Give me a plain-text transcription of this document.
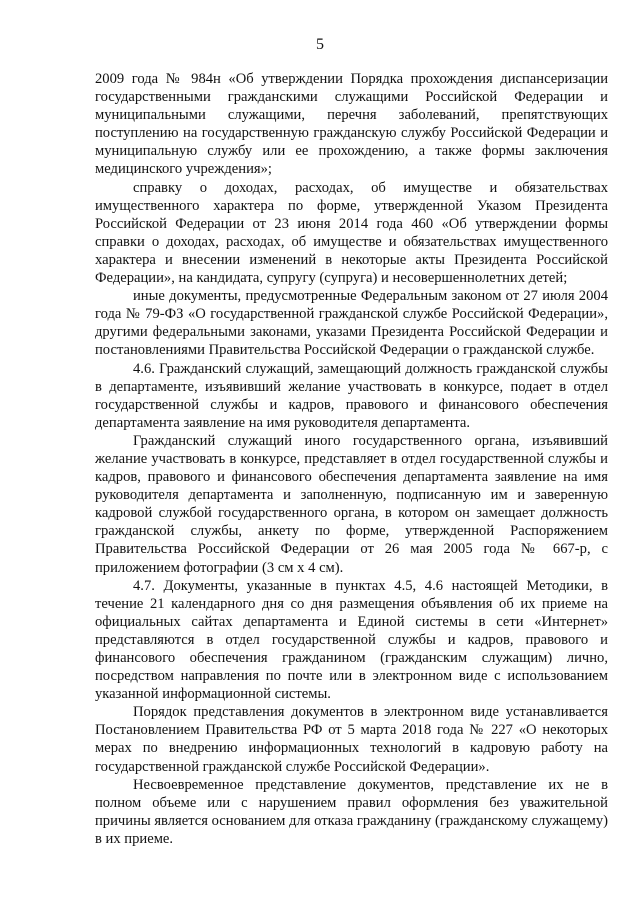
5

2009 года № 984н «Об утверждении Порядка прохождения диспансеризации государственными гражданскими служащими Российской Федерации и муниципальными служащими, перечня заболеваний, препятствующих поступлению на государственную гражданскую службу Российской Федерации и муниципальную службу или ее прохождению, а также формы заключения медицинского учреждения»;

справку о доходах, расходах, об имуществе и обязательствах имущественного характера по форме, утвержденной Указом Президента Российской Федерации от 23 июня 2014 года 460 «Об утверждении формы справки о доходах, расходах, об имуществе и обязательствах имущественного характера и внесении изменений в некоторые акты Президента Российской Федерации», на кандидата, супругу (супруга) и несовершеннолетних детей;

иные документы, предусмотренные Федеральным законом от 27 июля 2004 года № 79-ФЗ «О государственной гражданской службе Российской Федерации», другими федеральными законами, указами Президента Российской Федерации и постановлениями Правительства Российской Федерации о гражданской службе.

4.6. Гражданский служащий, замещающий должность гражданской службы в департаменте, изъявивший желание участвовать в конкурсе, подает в отдел государственной службы и кадров, правового и финансового обеспечения департамента заявление на имя руководителя департамента.

Гражданский служащий иного государственного органа, изъявивший желание участвовать в конкурсе, представляет в отдел государственной службы и кадров, правового и финансового обеспечения департамента заявление на имя руководителя департамента и заполненную, подписанную им и заверенную кадровой службой государственного органа, в котором он замещает должность гражданской службы, анкету по форме, утвержденной Распоряжением Правительства Российской Федерации от 26 мая 2005 года № 667-р, с приложением фотографии (3 см х 4 см).

4.7. Документы, указанные в пунктах 4.5, 4.6 настоящей Методики, в течение 21 календарного дня со дня размещения объявления об их приеме на официальных сайтах департамента и Единой системы в сети «Интернет» представляются в отдел государственной службы и кадров, правового и финансового обеспечения гражданином (гражданским служащим) лично, посредством направления по почте или в электронном виде с использованием указанной информационной системы.

Порядок представления документов в электронном виде устанавливается Постановлением Правительства РФ от 5 марта 2018 года № 227 «О некоторых мерах по внедрению информационных технологий в кадровую работу на государственной гражданской службе Российской Федерации».

Несвоевременное представление документов, представление их не в полном объеме или с нарушением правил оформления без уважительной причины является основанием для отказа гражданину (гражданскому служащему) в их приеме.
